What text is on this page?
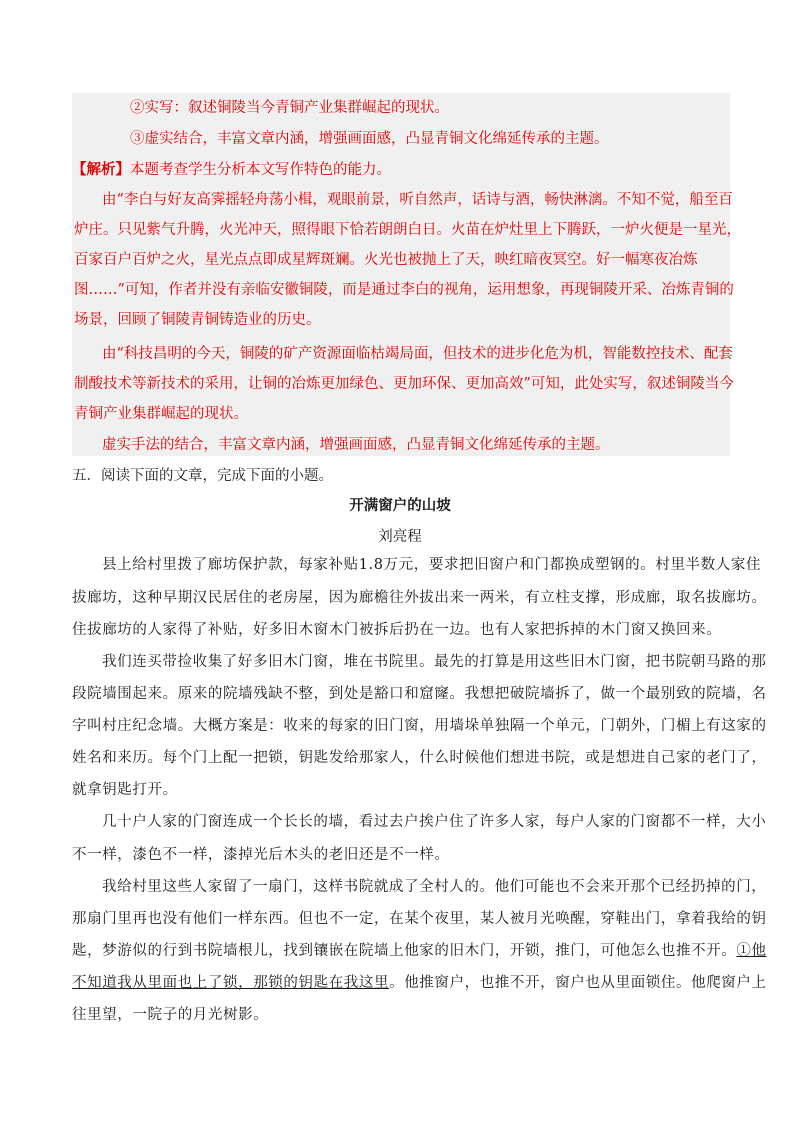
②实写：叙述铜陵当今青铜产业集群崛起的现状。
③虚实结合，丰富文章内涵，增强画面感，凸显青铜文化绵延传承的主题。
【解析】本题考查学生分析本文写作特色的能力。
由“李白与好友高霁摇轻舟荡小楫，观眼前景，听自然声，话诗与酒，畅快淋漓。不知不觉，船至百
炉庄。只见紫气升腾，火光冲天，照得眼下恰若朗朗白日。火苗在炉灶里上下腾跃，一炉火便是一星光，
百家百户百炉之火，星光点点即成星辉斑斓。火光也被抛上了天，映红暗夜冥空。好一幅寒夜冶炼
图……”可知，作者并没有亲临安徽铜陵，而是通过李白的视角，运用想象，再现铜陵开采、冶炼青铜的
场景，回顾了铜陵青铜铸造业的历史。
由“科技昌明的今天，铜陵的矿产资源面临枯竭局面，但技术的进步化危为机，智能数控技术、配套
制酸技术等新技术的采用，让铜的冶炼更加绿色、更加环保、更加高效”可知，此处实写，叙述铜陵当今
青铜产业集群崛起的现状。
虚实手法的结合，丰富文章内涵，增强画面感，凸显青铜文化绵延传承的主题。
五．阅读下面的文章，完成下面的小题。
开满窗户的山坡
刘亮程
县上给村里拨了廊坊保护款，每家补贴1.8万元，要求把旧窗户和门都换成塑钢的。村里半数人家住
拔廊坊，这种早期汉民居住的老房屋，因为廊檐往外拔出来一两米，有立柱支撑，形成廊，取名拔廊坊。
住拔廊坊的人家得了补贴，好多旧木窗木门被拆后扔在一边。也有人家把拆掉的木门窗又换回来。
我们连买带捡收集了好多旧木门窗，堆在书院里。最先的打算是用这些旧木门窗，把书院朝马路的那
段院墙围起来。原来的院墙残缺不整，到处是豁口和窟窿。我想把破院墙拆了，做一个最别致的院墙，名
字叫村庄纪念墙。大概方案是：收来的每家的旧门窗，用墙垛单独隔一个单元，门朝外，门楣上有这家的
姓名和来历。每个门上配一把锁，钥匙发给那家人，什么时候他们想进书院，或是想进自己家的老门了，
就拿钥匙打开。
几十户人家的门窗连成一个长长的墙，看过去户挨户住了许多人家，每户人家的门窗都不一样，大小
不一样，漆色不一样，漆掉光后木头的老旧还是不一样。
我给村里这些人家留了一扇门，这样书院就成了全村人的。他们可能也不会来开那个已经扔掉的门，
那扇门里再也没有他们一样东西。但也不一定，在某个夜里，某人被月光唤醒，穿鞋出门，拿着我给的钥
匙，梦游似的行到书院墙根儿，找到镶嵌在院墙上他家的旧木门，开锁，推门，可他怎么也推不开。①他
不知道我从里面也上了锁，那锁的钥匙在我这里。他推窗户，也推不开，窗户也从里面锁住。他爬窗户上
往里望，一院子的月光树影。
